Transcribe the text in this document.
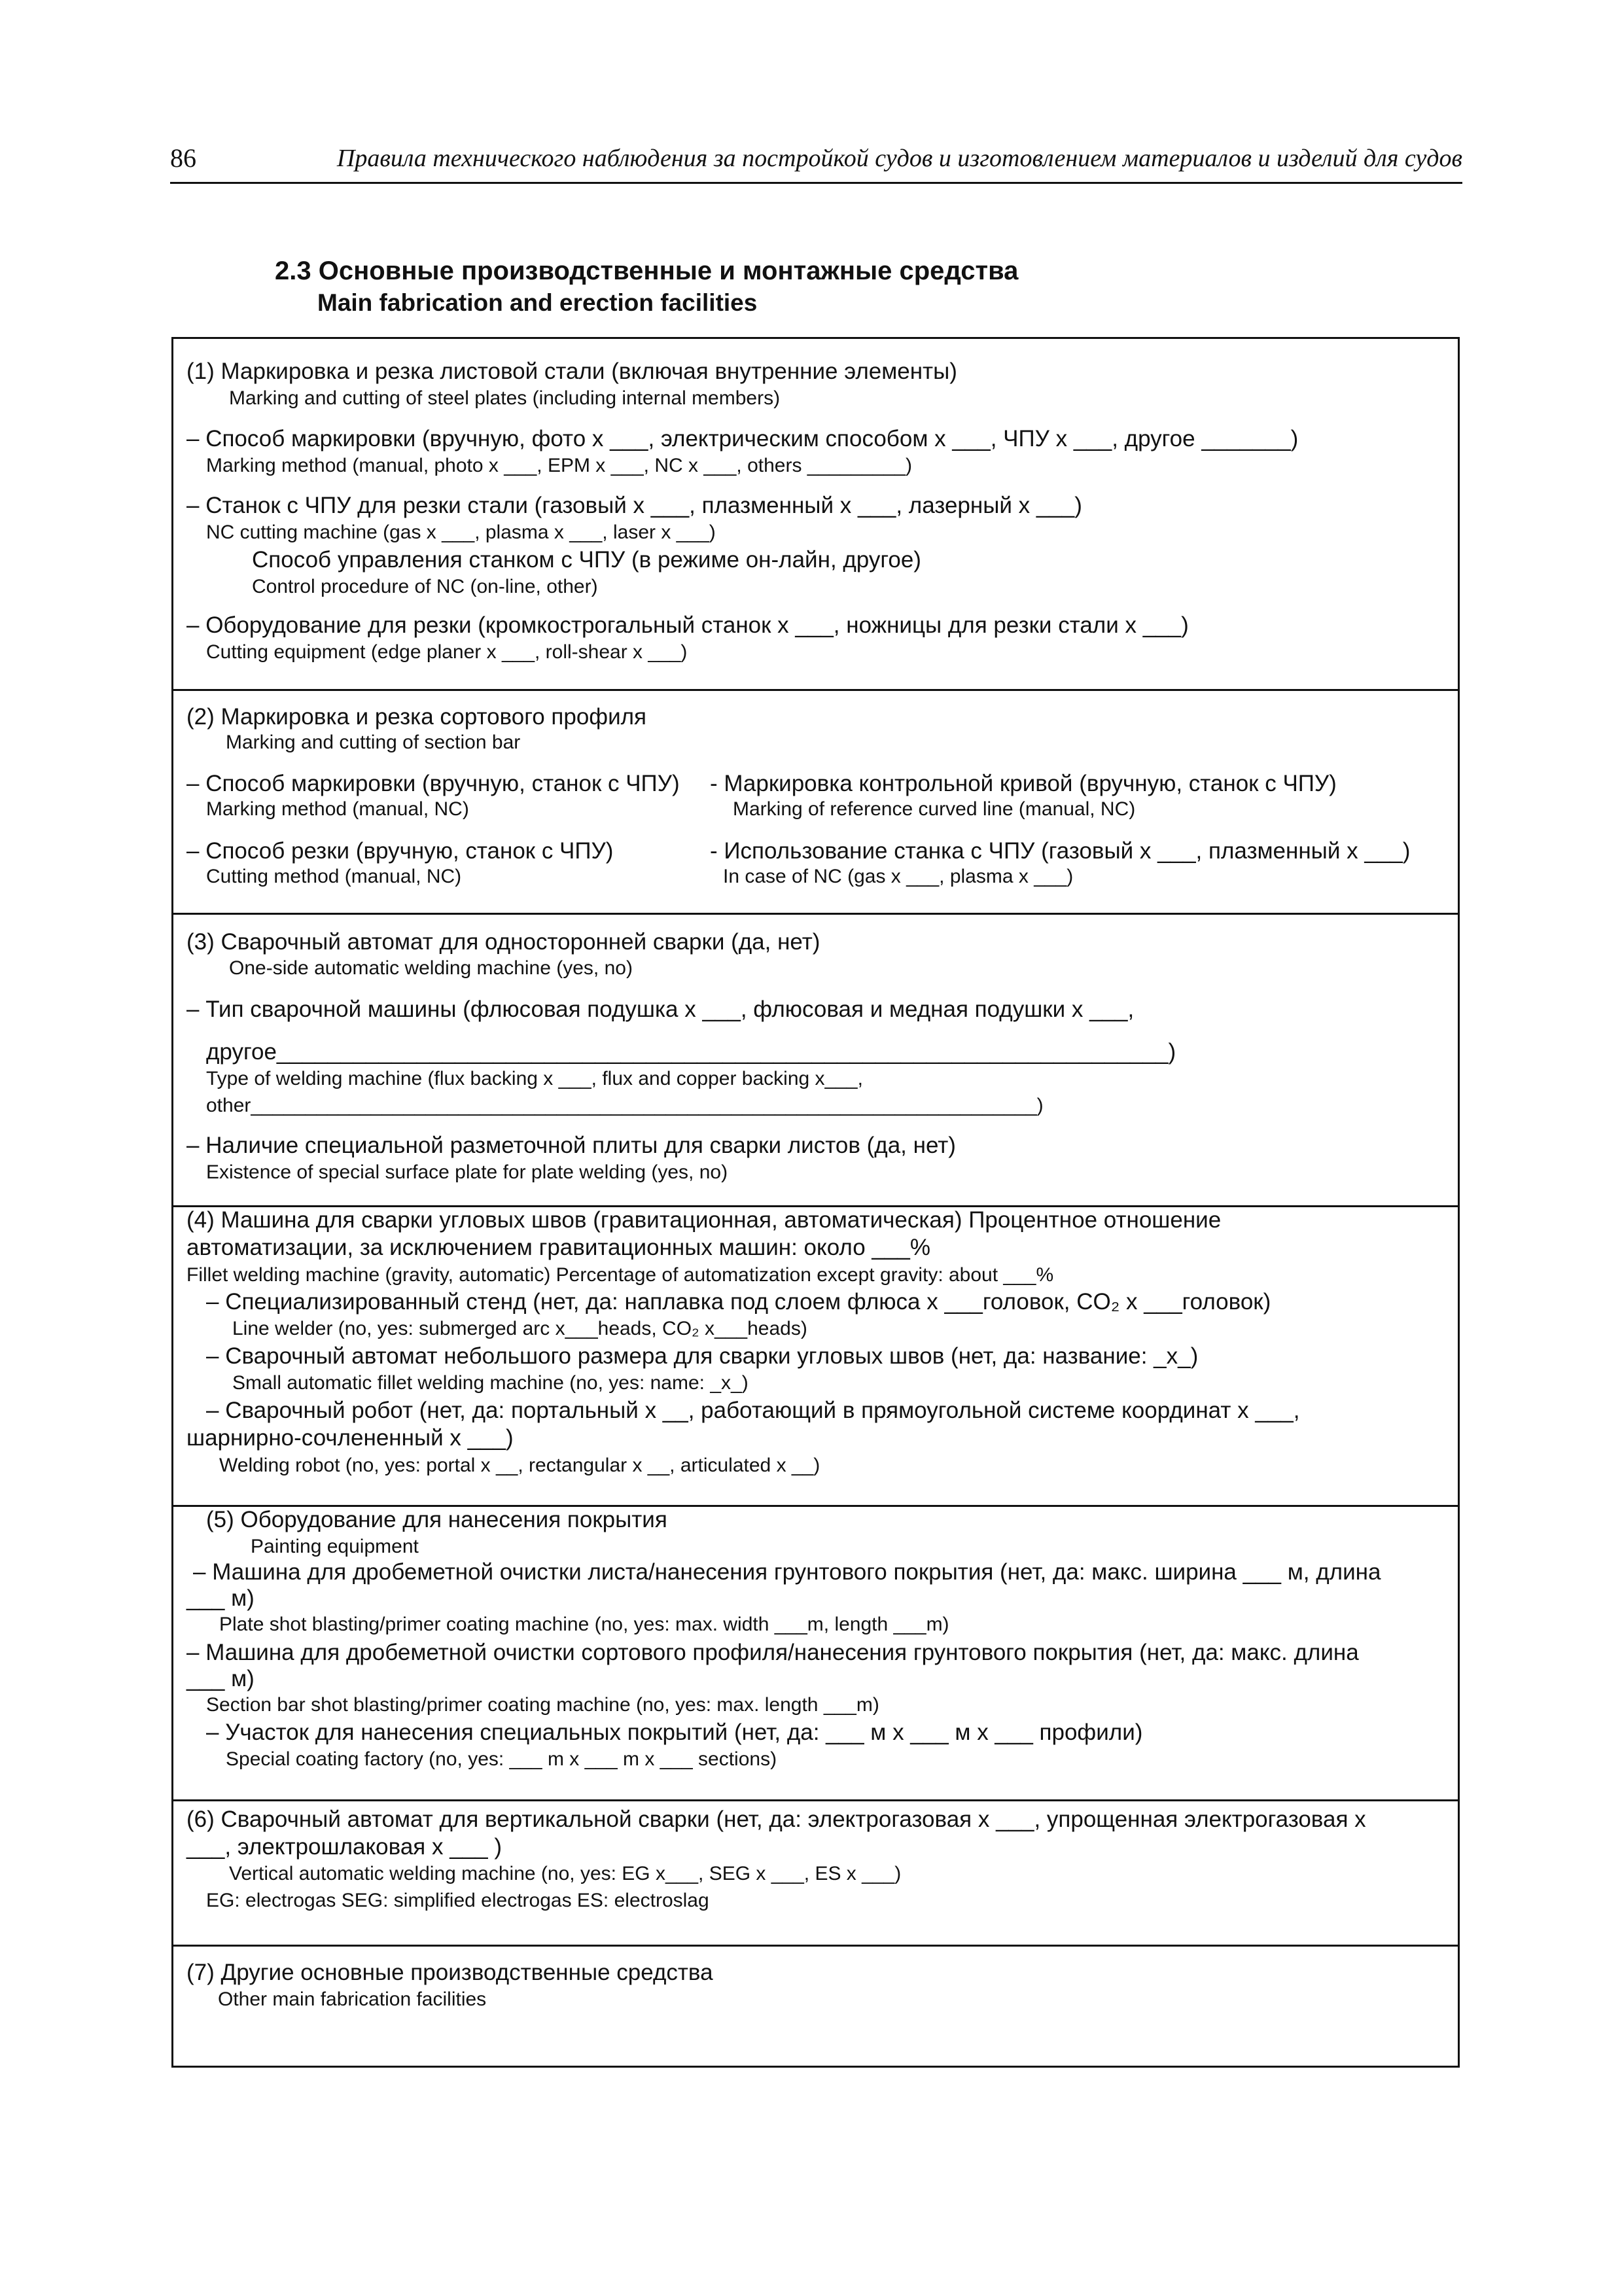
86	Правила технического наблюдения за постройкой судов и изготовлением материалов и изделий для судов
2.3 Основные производственные и монтажные средства
Main fabrication and erection facilities
(1) Маркировка и резка листовой стали (включая внутренние элементы)
Marking and cutting of steel plates (including internal members)
– Способ маркировки (вручную, фото x ___, электрическим способом x ___, ЧПУ x ___, другое _______)
Marking method (manual, photo x ___, EPM x ___, NC x ___, others _________)
– Станок с ЧПУ для резки стали (газовый x ___, плазменный x ___, лазерный x ___)
NC cutting machine (gas x ___, plasma x ___, laser x ___)
Способ управления станком с ЧПУ (в режиме он-лайн, другое)
Control procedure of NC (on-line, other)
– Оборудование для резки (кромкострогальный станок x ___, ножницы для резки стали x ___)
Cutting equipment (edge planer x ___, roll-shear x ___)
(2) Маркировка и резка сортового профиля
Marking and cutting of section bar
– Способ маркировки (вручную, станок с ЧПУ) - Маркировка контрольной кривой (вручную, станок с ЧПУ)
Marking method (manual, NC)	Marking of reference curved line (manual, NC)
– Способ резки (вручную, станок с ЧПУ)	- Использование станка с ЧПУ (газовый x ___, плазменный x ___)
Cutting method (manual, NC)	In case of NC (gas x ___, plasma x ___)
(3) Сварочный автомат для односторонней сварки (да, нет)
One-side automatic welding machine (yes, no)
– Тип сварочной машины (флюсовая подушка x ___, флюсовая и медная подушки x ___,
другое______________________________________________________________________)
Type of welding machine (flux backing x ___, flux and copper backing x___,
other________________________________________________________________________)
– Наличие специальной разметочной плиты для сварки листов (да, нет)
Existence of special surface plate for plate welding (yes, no)
(4) Машина для сварки угловых швов (гравитационная, автоматическая) Процентное отношение
автоматизации, за исключением гравитационных машин: около ___%
Fillet welding machine (gravity, automatic) Percentage of automatization except gravity: about ___%
– Специализированный стенд (нет, да: наплавка под слоем флюса x ___головок, CO₂ x ___головок)
Line welder (no, yes: submerged arc x___heads, CO₂ x___heads)
– Сварочный автомат небольшого размера для сварки угловых швов (нет, да: название: _x_)
Small automatic fillet welding machine (no, yes: name: _x_)
– Сварочный робот (нет, да: портальный x __, работающий в прямоугольной системе координат x ___,
шарнирно-сочлененный x ___)
Welding robot (no, yes: portal x __, rectangular x __, articulated x __)
(5) Оборудование для нанесения покрытия
Painting equipment
– Машина для дробеметной очистки листа/нанесения грунтового покрытия (нет, да: макс. ширина ___ м, длина
___ м)
Plate shot blasting/primer coating machine (no, yes: max. width ___m, length ___m)
– Машина для дробеметной очистки сортового профиля/нанесения грунтового покрытия (нет, да: макс. длина
___ м)
Section bar shot blasting/primer coating machine (no, yes: max. length ___m)
– Участок для нанесения специальных покрытий (нет, да: ___ м x ___ м x ___ профили)
Special coating factory (no, yes: ___ m x ___ m x ___ sections)
(6) Сварочный автомат для вертикальной сварки (нет, да: электрогазовая x ___, упрощенная электрогазовая x
___, электрошлаковая x ___ )
Vertical automatic welding machine (no, yes: EG x___, SEG x ___, ES x ___)
EG: electrogas SEG: simplified electrogas ES: electroslag
(7) Другие основные производственные средства
Other main fabrication facilities
